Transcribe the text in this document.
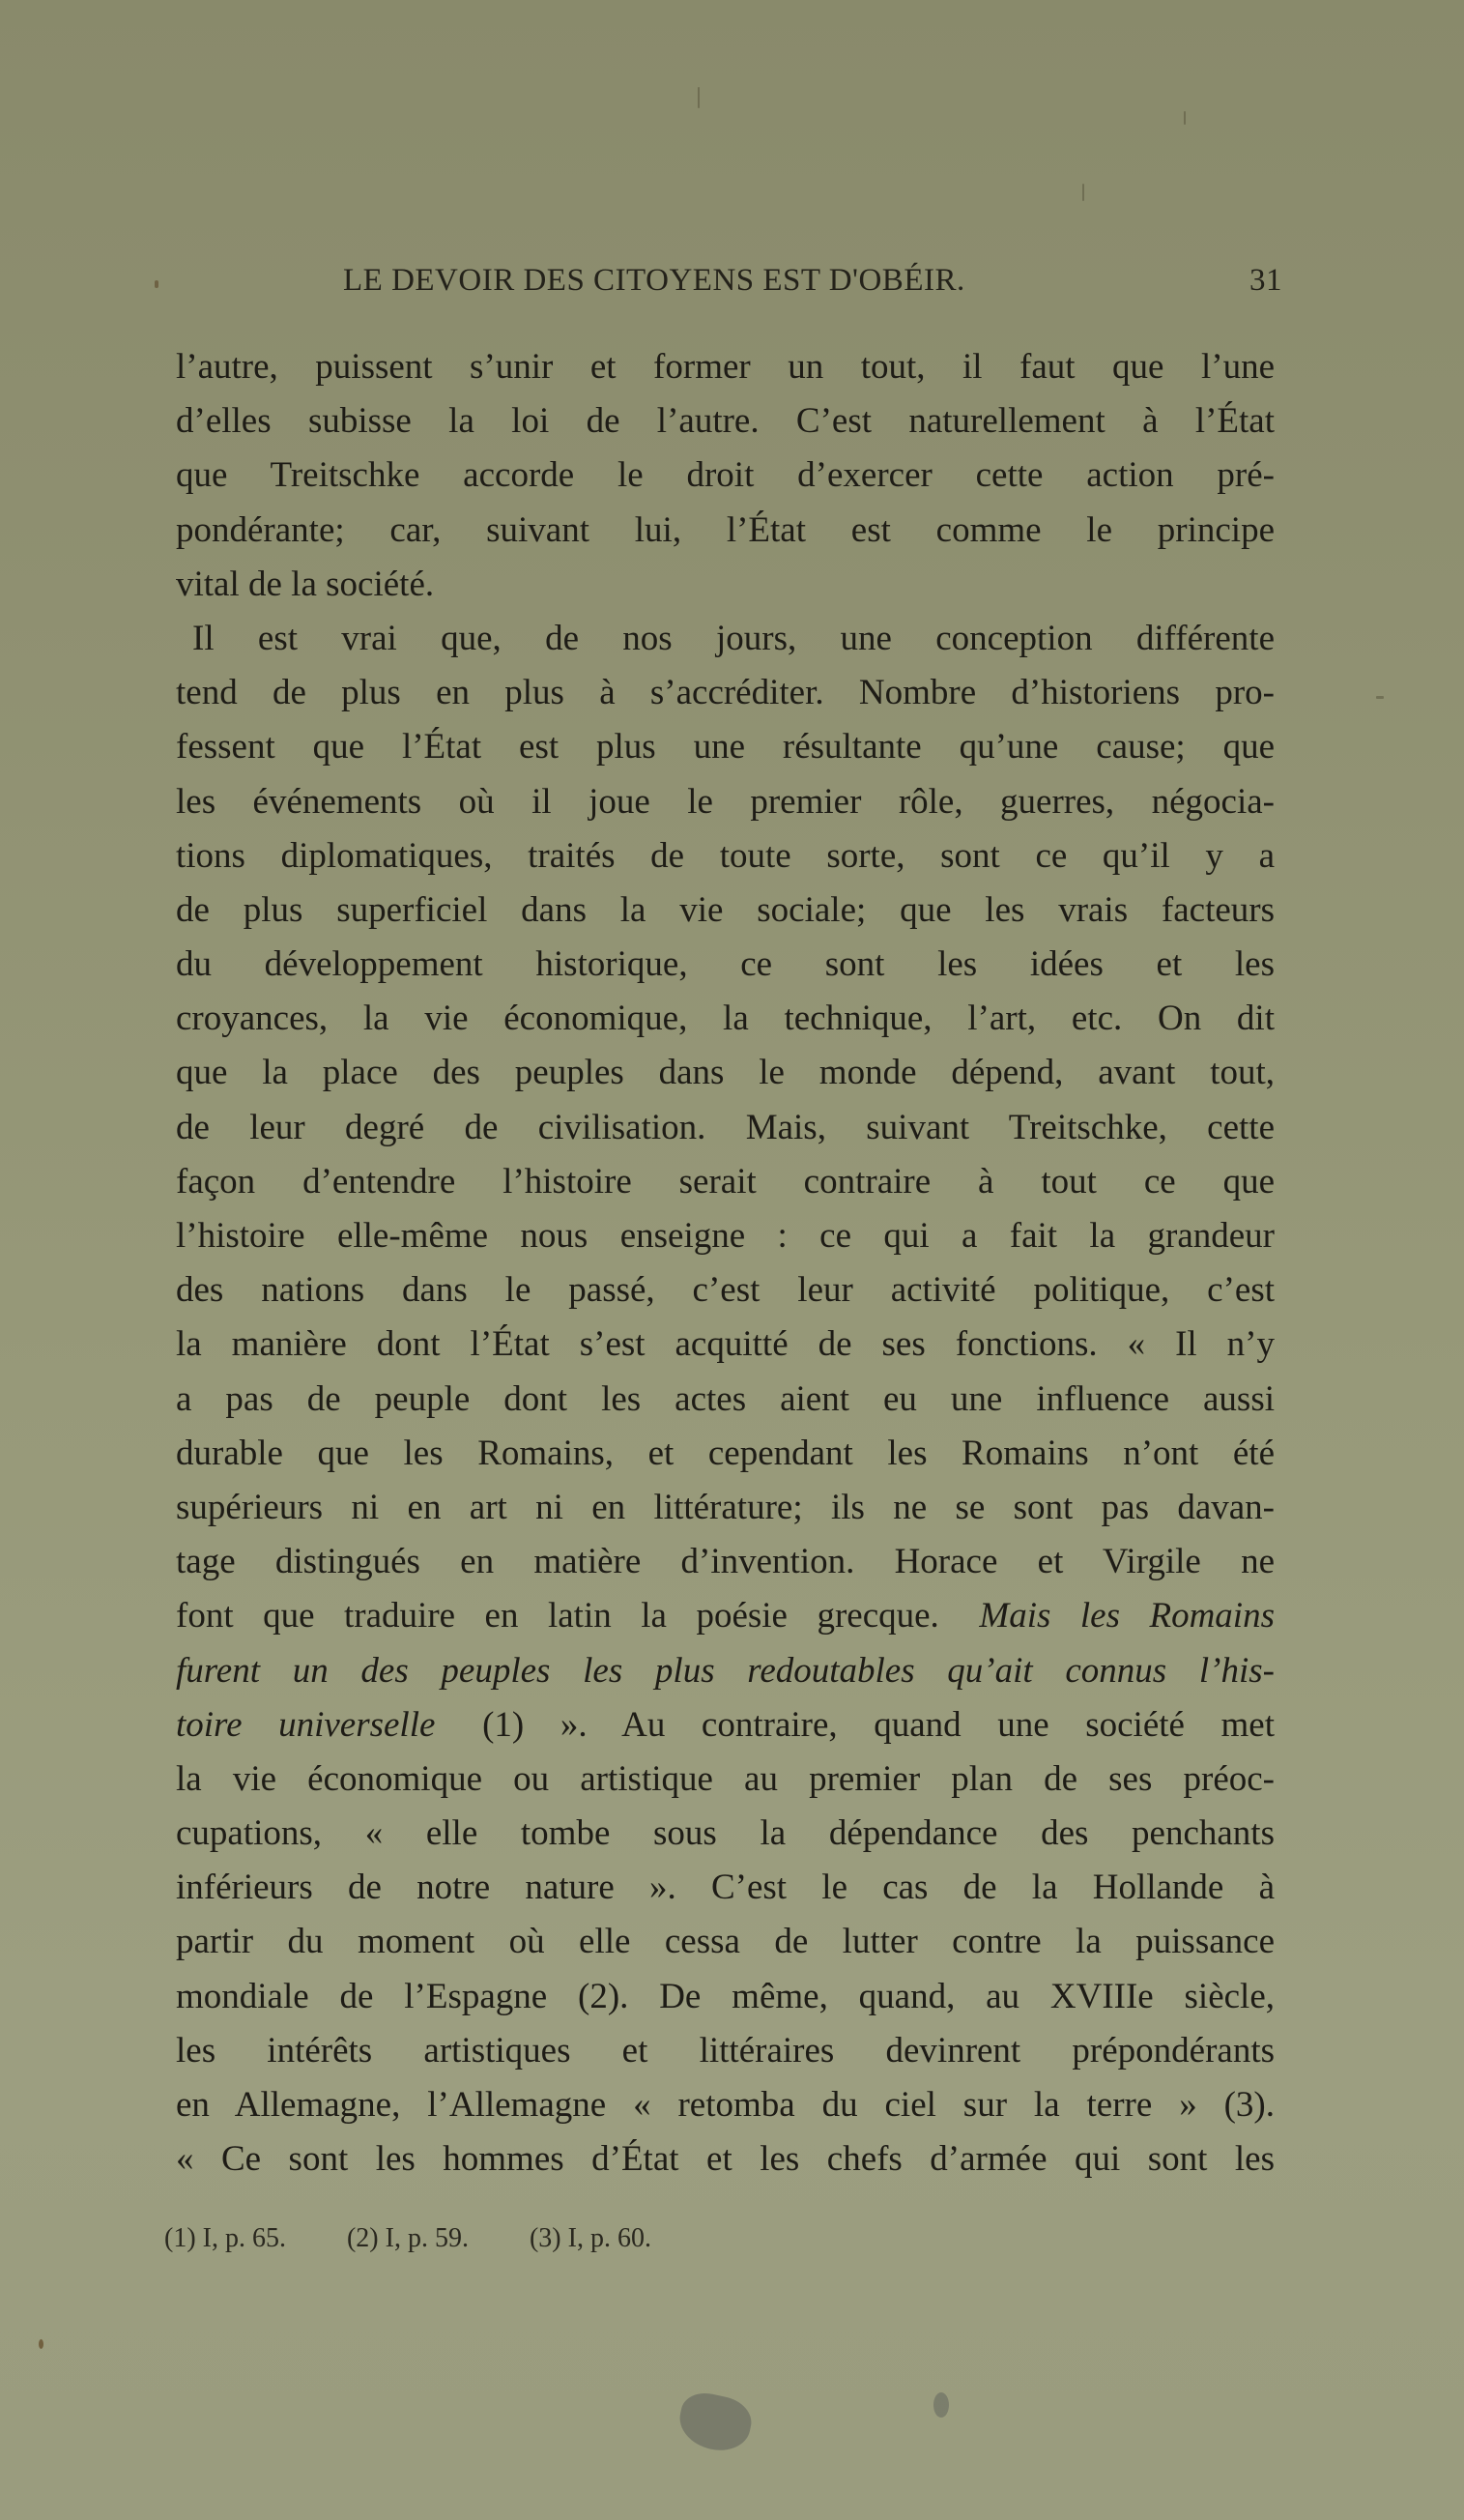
LE DEVOIR DES CITOYENS EST D'OBÉIR.	31
l’autre, puissent s’unir et former un tout, il faut que l’une
d’elles subisse la loi de l’autre. C’est naturellement à l’État
que Treitschke accorde le droit d’exercer cette action pré-
pondérante; car, suivant lui, l’État est comme le principe
vital de la société.
Il est vrai que, de nos jours, une conception différente
tend de plus en plus à s’accréditer. Nombre d’historiens pro-
fessent que l’État est plus une résultante qu’une cause; que
les événements où il joue le premier rôle, guerres, négocia-
tions diplomatiques, traités de toute sorte, sont ce qu’il y a
de plus superficiel dans la vie sociale; que les vrais facteurs
du développement historique, ce sont les idées et les
croyances, la vie économique, la technique, l’art, etc. On dit
que la place des peuples dans le monde dépend, avant tout,
de leur degré de civilisation. Mais, suivant Treitschke, cette
façon d’entendre l’histoire serait contraire à tout ce que
l’histoire elle-même nous enseigne : ce qui a fait la grandeur
des nations dans le passé, c’est leur activité politique, c’est
la manière dont l’État s’est acquitté de ses fonctions. « Il n’y
a pas de peuple dont les actes aient eu une influence aussi
durable que les Romains, et cependant les Romains n’ont été
supérieurs ni en art ni en littérature; ils ne se sont pas davan-
tage distingués en matière d’invention. Horace et Virgile ne
font que traduire en latin la poésie grecque. Mais les Romains
furent un des peuples les plus redoutables qu’ait connus l’his-
toire universelle (1) ». Au contraire, quand une société met
la vie économique ou artistique au premier plan de ses préoc-
cupations, « elle tombe sous la dépendance des penchants
inférieurs de notre nature ». C’est le cas de la Hollande à
partir du moment où elle cessa de lutter contre la puissance
mondiale de l’Espagne (2). De même, quand, au XVIIIe siècle,
les intérêts artistiques et littéraires devinrent prépondérants
en Allemagne, l’Allemagne « retomba du ciel sur la terre » (3).
« Ce sont les hommes d’État et les chefs d’armée qui sont les
(1) I, p. 65. (2) I, p. 59. (3) I, p. 60.
